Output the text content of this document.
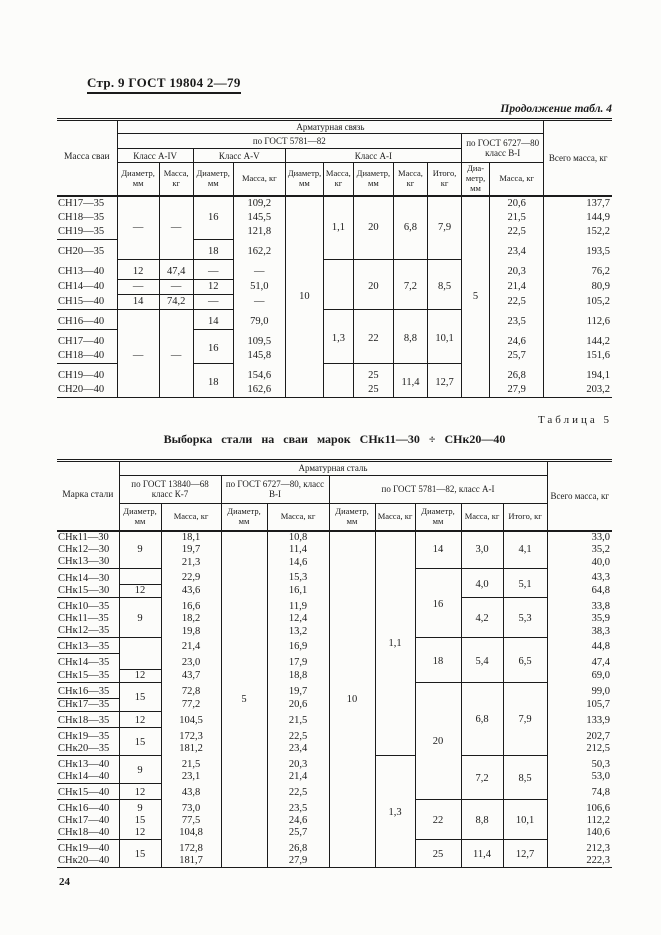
Стр. 9 ГОСТ 19804 2—79
Продолжение табл. 4
Масса сваи	Арматурная связь											Всего масса, кг
	по ГОСТ 5781—82									по ГОСТ 6727—80 класс В-I		
	Класс А-IV		Класс А-V		Класс А-I							
	Диаметр, мм	Масса, кг	Диаметр, мм	Масса, кг	Диаметр, мм	Масса, кг	Диаметр, мм	Масса, кг	Итого, кг	Диаметр, мм	Масса, кг	
СН17—35	—	—	16	109,2		1,1	20	6,8	7,9		20,6	137,7
СН18—35				145,5							21,5	144,9
СН19—35				121,8							22,5	152,2
СН20—35			18	162,2							23,4	193,5
СН13—40	12	47,4	—	—	10		20	7,2	8,5	5	20,3	76,2
СН14—40	—	—	12	51,0							21,4	80,9
СН15—40	14	74,2	—	—							22,5	105,2
СН16—40	—	—	14	79,0		1,3	22	8,8	10,1		23,5	112,6
СН17—40			16	109,5							24,6	144,2
СН18—40				145,8							25,7	151,6
СН19—40			18	154,6			25	11,4	12,7		26,8	194,1
СН20—40				162,6			25				27,9	203,2
Таблица 5
Выборка стали на сваи марок СНк11—30 ÷ СНк20—40
Марка стали	Арматурная сталь									Всего масса, кг
	по ГОСТ 13840—68 класс К-7		по ГОСТ 6727—80, класс В-I		по ГОСТ 5781—82, класс А-I					
	Диаметр, мм	Масса, кг	Диаметр, мм	Масса, кг	Диаметр, мм	Масса, кг	Диаметр, мм	Масса, кг	Итого, кг	
СНк11—30	9	18,1	5	10,8	10	1,1	14	3,0	4,1	33,0
СНк12—30		19,7		11,4						35,2
СНк13—30		21,3		14,6						40,0
СНк14—30		22,9		15,3			16	4,0	5,1	43,3
СНк15—30	12	43,6		16,1						64,8
СНк10—35	9	16,6		11,9				4,2	5,3	33,8
СНк11—35		18,2		12,4						35,9
СНк12—35		19,8		13,2						38,3
СНк13—35		21,4		16,9			18	5,4	6,5	44,8
СНк14—35		23,0		17,9						47,4
СНк15—35	12	43,7		18,8						69,0
СНк16—35	15	72,8		19,7			20	6,8	7,9	99,0
СНк17—35		77,2		20,6						105,7
СНк18—35	12	104,5		21,5						133,9
СНк19—35	15	172,3		22,5						202,7
СНк20—35		181,2		23,4						212,5
СНк13—40	9	21,5		20,3		1,3		7,2	8,5	50,3
СНк14—40		23,1		21,4						53,0
СНк15—40	12	43,8		22,5						74,8
СНк16—40	9	73,0		23,5			22	8,8	10,1	106,6
СНк17—40	15	77,5		24,6						112,2
СНк18—40	12	104,8		25,7						140,6
СНк19—40	15	172,8		26,8			25	11,4	12,7	212,3
СНк20—40		181,7		27,9						222,3
24
